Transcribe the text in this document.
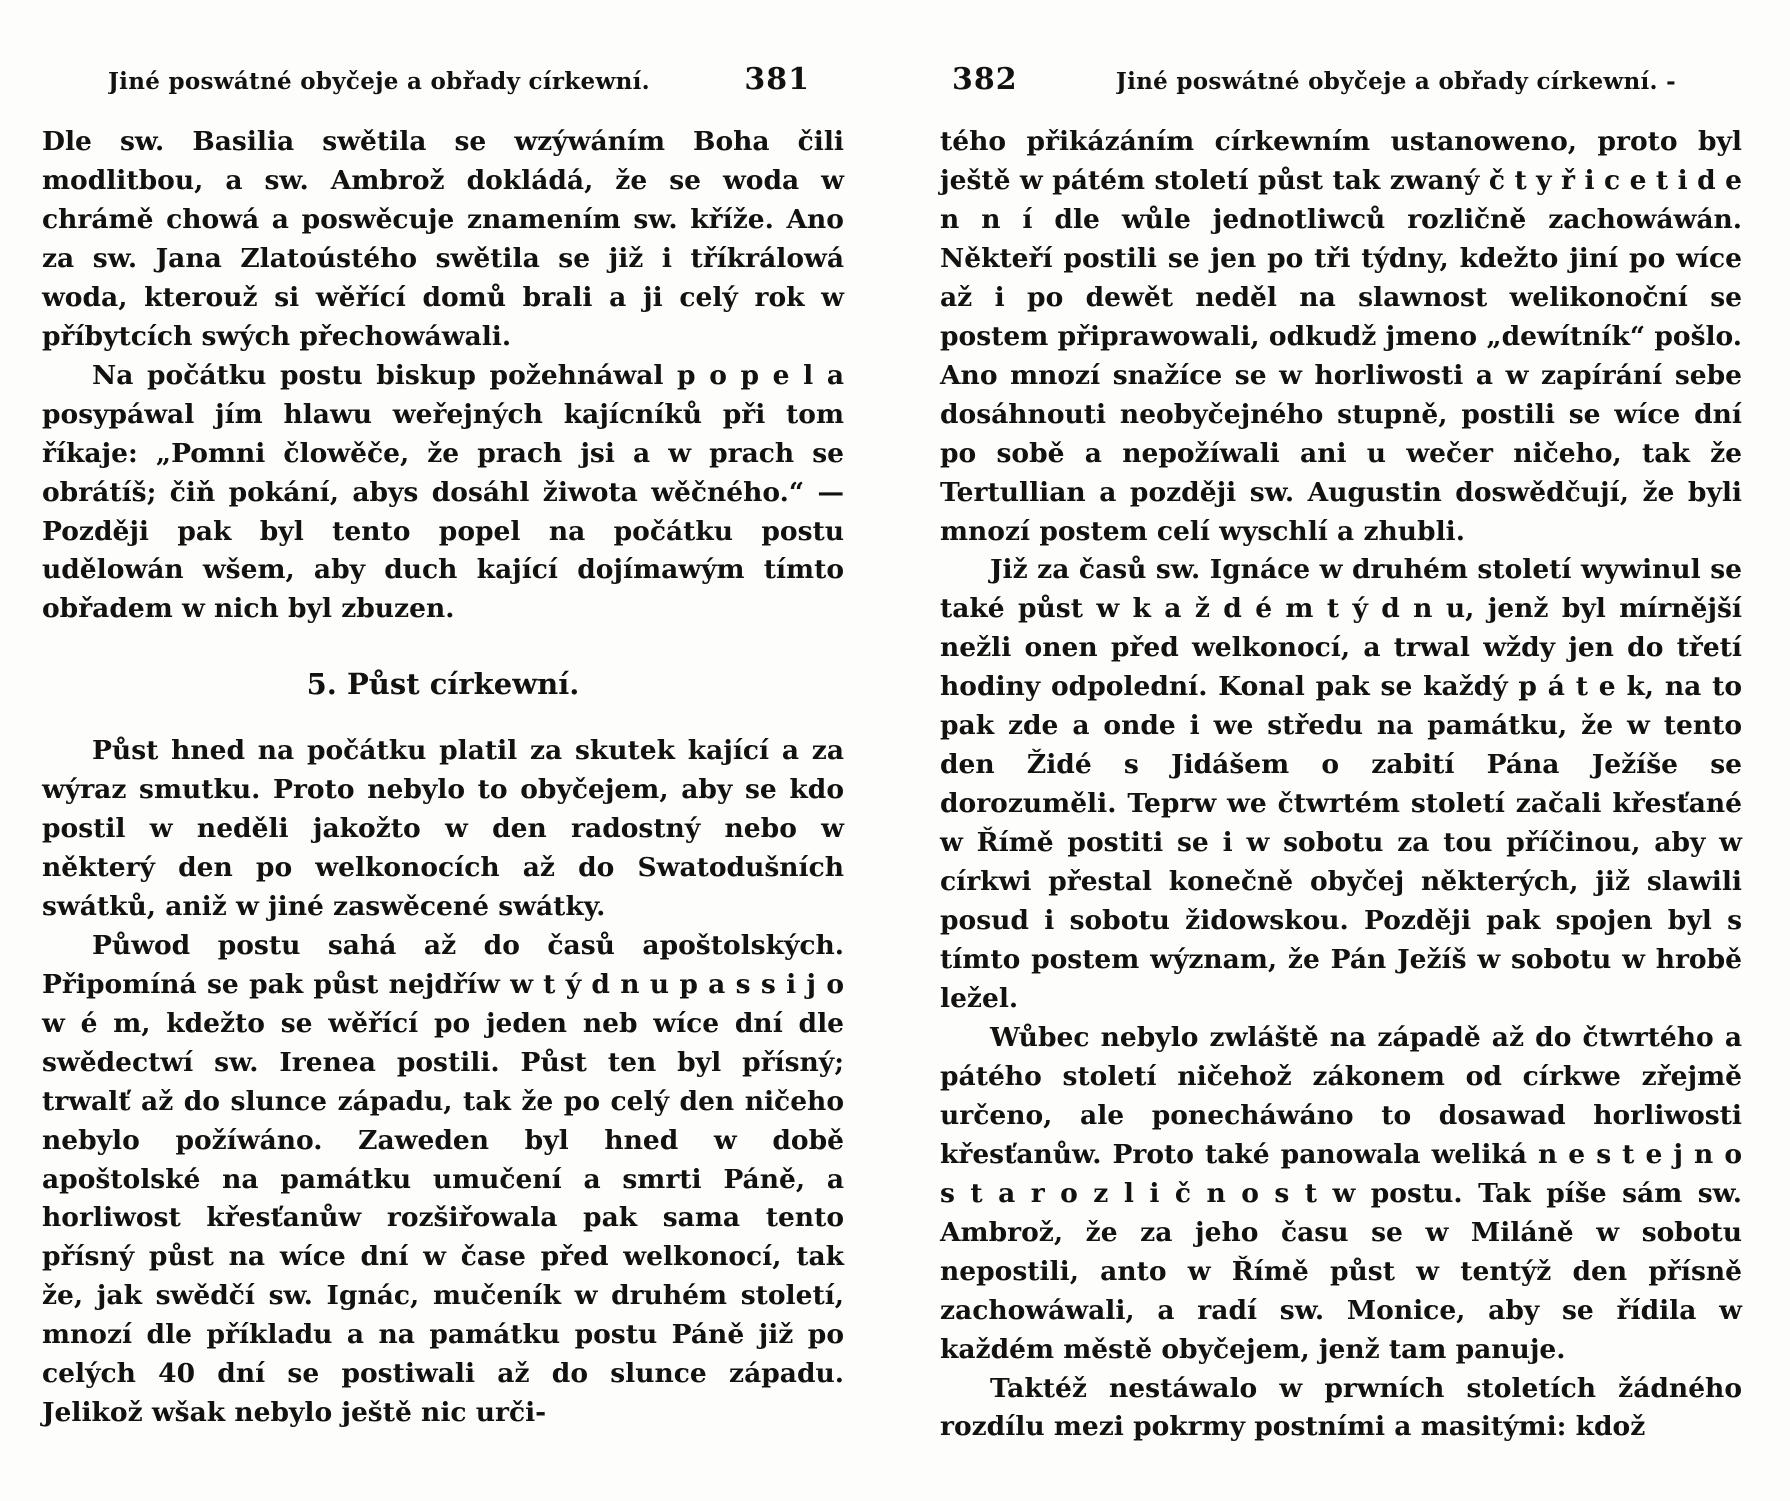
Jiné poswátné obyčeje a obřady církewní.	381

Dle sw. Basilia swětila se wzýwáním Boha čili modlitbou, a sw. Ambrož dokládá, že se woda w chrámě chowá a poswěcuje znamením sw. kříže. Ano za sw. Jana Zlatoústého swětila se již i tříkrálowá woda, kterouž si wěřící domů brali a ji celý rok w příbytcích swých přechowáwali.

Na počátku postu biskup požehnáwal p o p e l a posypáwal jím hlawu weřejných kajícníků při tom říkaje: „Pomni člowěče, že prach jsi a w prach se obrátíš; čiň pokání, abys dosáhl žiwota wěčného.“ — Později pak byl tento popel na počátku postu udělowán wšem, aby duch kající dojímawým tímto obřadem w nich byl zbuzen.

5. Půst církewní.

Půst hned na počátku platil za skutek kající a za wýraz smutku. Proto nebylo to obyčejem, aby se kdo postil w neděli jakožto w den radostný nebo w některý den po welkonocích až do Swatodušních swátků, aniž w jiné zaswěcené swátky.

Půwod postu sahá až do časů apoštolských. Připomíná se pak půst nejdříw w t ý d n u p a s s i j o w é m, kdežto se wěřící po jeden neb wíce dní dle swědectwí sw. Irenea postili. Půst ten byl přísný; trwalť až do slunce západu, tak že po celý den ničeho nebylo požíwáno. Zaweden byl hned w době apoštolské na památku umučení a smrti Páně, a horliwost křesťanůw rozšiřowala pak sama tento přísný půst na wíce dní w čase před welkonocí, tak že, jak swědčí sw. Ignác, mučeník w druhém století, mnozí dle příkladu a na památku postu Páně již po celých 40 dní se postiwali až do slunce západu. Jelikož wšak nebylo ještě nic urči-

382	Jiné poswátné obyčeje a obřady církewní. -

tého přikázáním církewním ustanoweno, proto byl ještě w pátém století půst tak zwaný č t y ř i c e t i d e n n í dle wůle jednotliwců rozličně zachowáwán. Někteří postili se jen po tři týdny, kdežto jiní po wíce až i po dewět neděl na slawnost welikonoční se postem připrawowali, odkudž jmeno „dewítník“ pošlo. Ano mnozí snažíce se w horliwosti a w zapírání sebe dosáhnouti neobyčejného stupně, postili se wíce dní po sobě a nepožíwali ani u wečer ničeho, tak že Tertullian a později sw. Augustin doswědčují, že byli mnozí postem celí wyschlí a zhubli.

Již za časů sw. Ignáce w druhém století wywinul se také půst w k a ž d é m t ý d n u, jenž byl mírnější nežli onen před welkonocí, a trwal wždy jen do třetí hodiny odpolední. Konal pak se každý p á t e k, na to pak zde a onde i we středu na památku, že w tento den Židé s Jidášem o zabití Pána Ježíše se dorozuměli. Teprw we čtwrtém století začali křesťané w Římě postiti se i w sobotu za tou příčinou, aby w církwi přestal konečně obyčej některých, již slawili posud i sobotu židowskou. Později pak spojen byl s tímto postem wýznam, že Pán Ježíš w sobotu w hrobě ležel.

Wůbec nebylo zwláště na západě až do čtwrtého a pátého století ničehož zákonem od církwe zřejmě určeno, ale ponecháwáno to dosawad horliwosti křesťanůw. Proto také panowala weliká n e s t e j n o s t a r o z l i č n o s t w postu. Tak píše sám sw. Ambrož, že za jeho času se w Miláně w sobotu nepostili, anto w Římě půst w tentýž den přísně zachowáwali, a radí sw. Monice, aby se řídila w každém městě obyčejem, jenž tam panuje.

Taktéž nestáwalo w prwních stoletích žádného rozdílu mezi pokrmy postními a masitými: kdož
